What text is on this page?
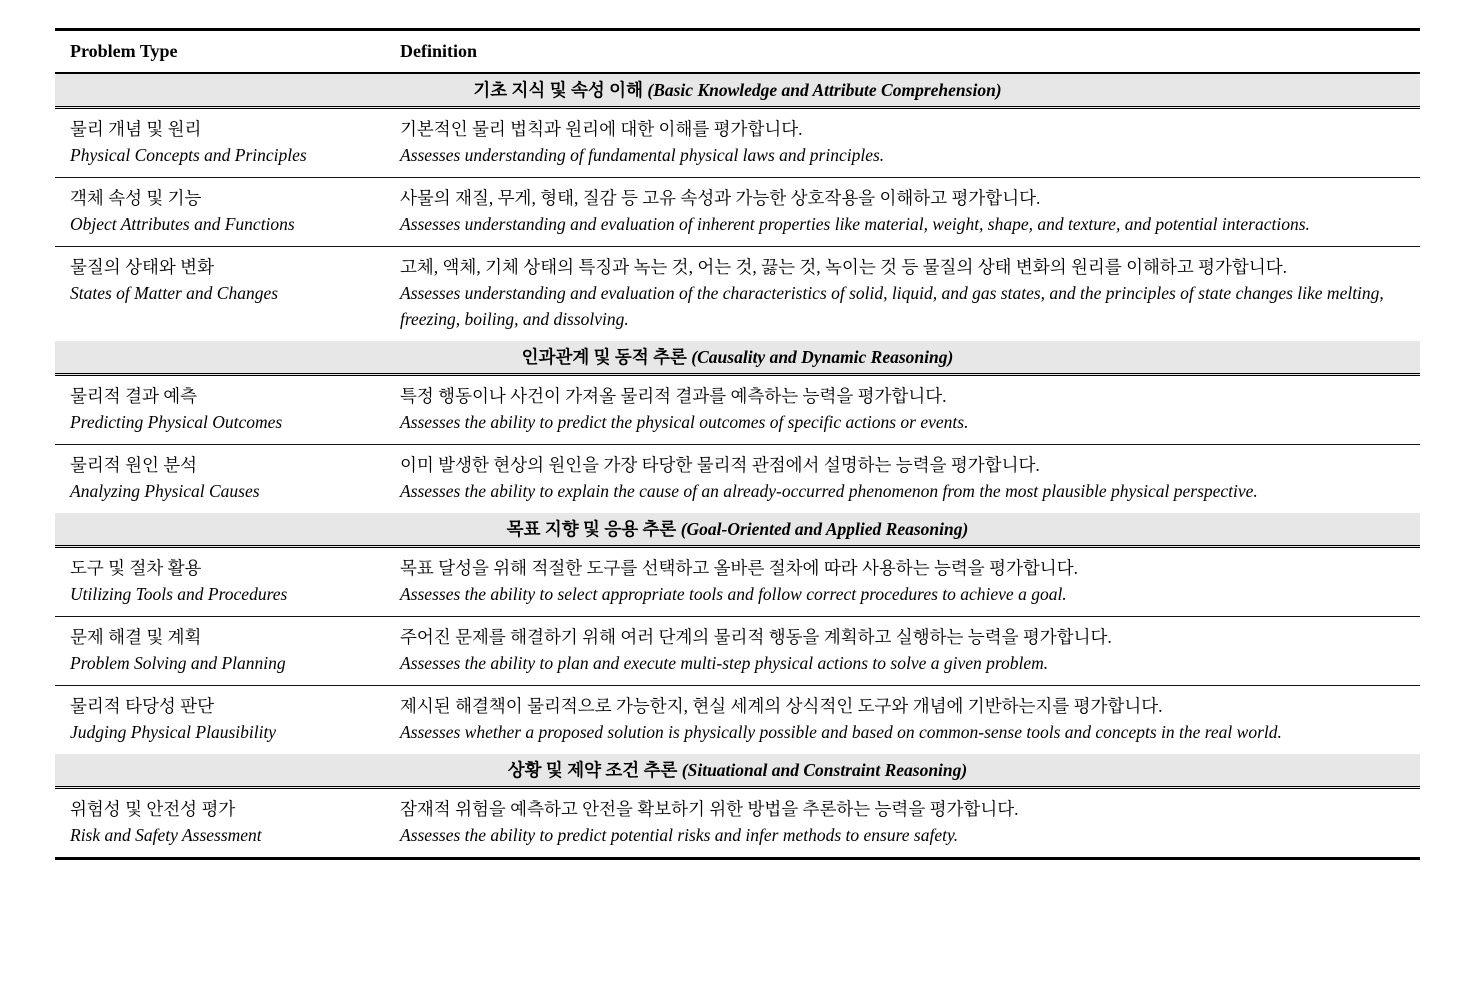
Problem Type	Definition
기초 지식 및 속성 이해 (Basic Knowledge and Attribute Comprehension)
물리 개념 및 원리	기본적인 물리 법칙과 원리에 대한 이해를 평가합니다.
Physical Concepts and Principles	Assesses understanding of fundamental physical laws and principles.
객체 속성 및 기능	사물의 재질, 무게, 형태, 질감 등 고유 속성과 가능한 상호작용을 이해하고 평가합니다.
Object Attributes and Functions	Assesses understanding and evaluation of inherent properties like material, weight, shape, and texture, and potential interactions.
물질의 상태와 변화	고체, 액체, 기체 상태의 특징과 녹는 것, 어는 것, 끓는 것, 녹이는 것 등 물질의 상태 변화의 원리를 이해하고 평가합니다.
States of Matter and Changes	Assesses understanding and evaluation of the characteristics of solid, liquid, and gas states, and the principles of state changes like melting, freezing, boiling, and dissolving.
인과관계 및 동적 추론 (Causality and Dynamic Reasoning)
물리적 결과 예측	특정 행동이나 사건이 가져올 물리적 결과를 예측하는 능력을 평가합니다.
Predicting Physical Outcomes	Assesses the ability to predict the physical outcomes of specific actions or events.
물리적 원인 분석	이미 발생한 현상의 원인을 가장 타당한 물리적 관점에서 설명하는 능력을 평가합니다.
Analyzing Physical Causes	Assesses the ability to explain the cause of an already-occurred phenomenon from the most plausible physical perspective.
목표 지향 및 응용 추론 (Goal-Oriented and Applied Reasoning)
도구 및 절차 활용	목표 달성을 위해 적절한 도구를 선택하고 올바른 절차에 따라 사용하는 능력을 평가합니다.
Utilizing Tools and Procedures	Assesses the ability to select appropriate tools and follow correct procedures to achieve a goal.
문제 해결 및 계획	주어진 문제를 해결하기 위해 여러 단계의 물리적 행동을 계획하고 실행하는 능력을 평가합니다.
Problem Solving and Planning	Assesses the ability to plan and execute multi-step physical actions to solve a given problem.
물리적 타당성 판단	제시된 해결책이 물리적으로 가능한지, 현실 세계의 상식적인 도구와 개념에 기반하는지를 평가합니다.
Judging Physical Plausibility	Assesses whether a proposed solution is physically possible and based on common-sense tools and concepts in the real world.
상황 및 제약 조건 추론 (Situational and Constraint Reasoning)
위험성 및 안전성 평가	잠재적 위험을 예측하고 안전을 확보하기 위한 방법을 추론하는 능력을 평가합니다.
Risk and Safety Assessment	Assesses the ability to predict potential risks and infer methods to ensure safety.
